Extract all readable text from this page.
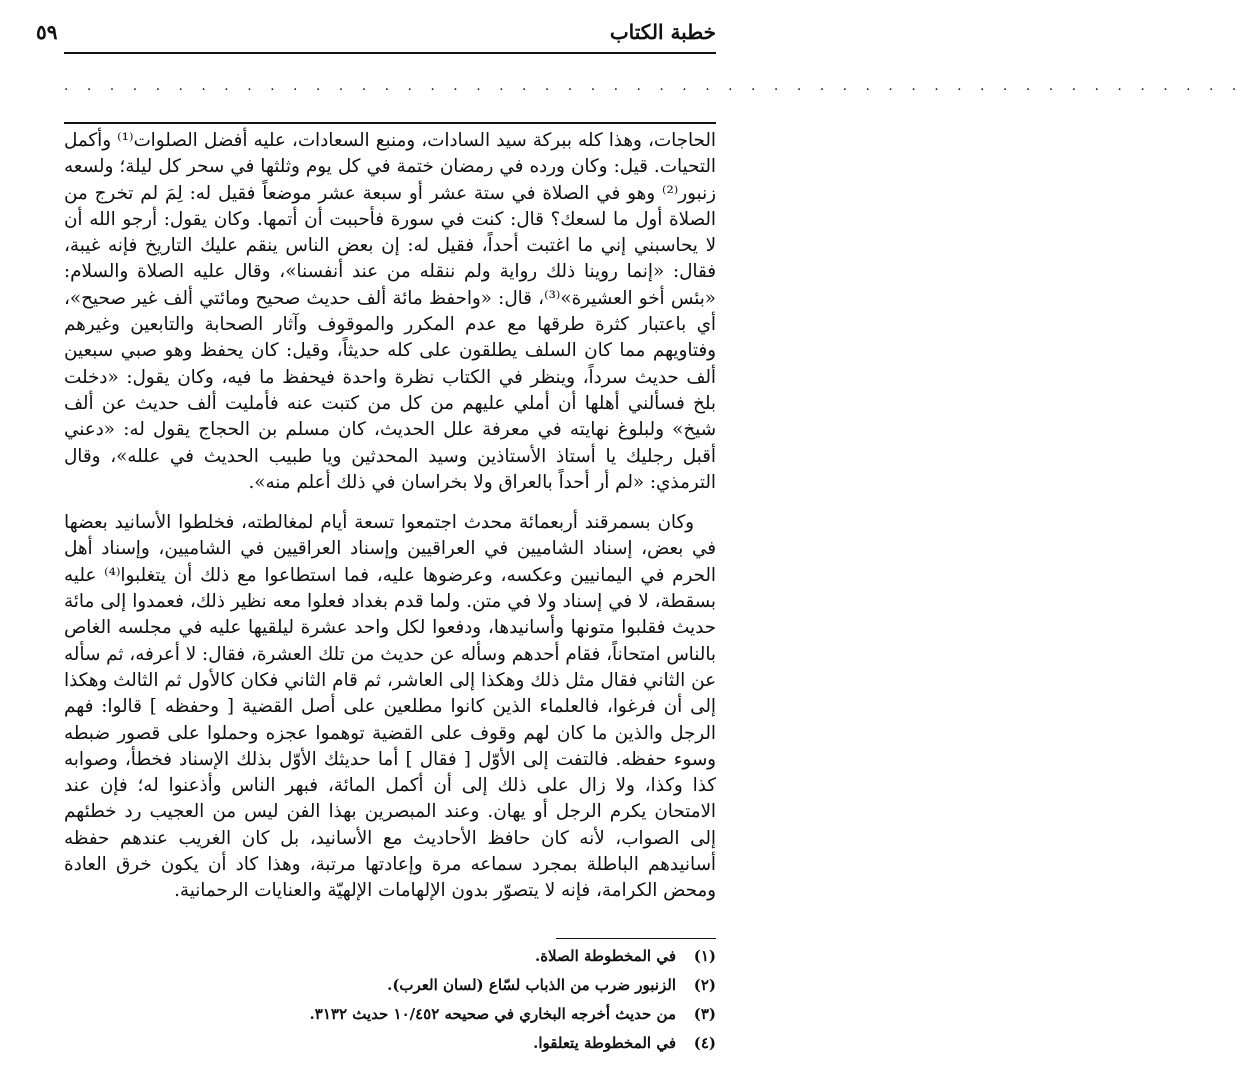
خطبة الكتاب
٥٩
. . . . . . . . . . . . . . . . . . . . . . . . . . . . . . . . . . . . . . . . . . . . . . . . . . . .

الحاجات، وهذا كله ببركة سيد السادات، ومنبع السعادات، عليه أفضل الصلوات⁽¹⁾ وأكمل التحيات. قيل: وكان ورده في رمضان ختمة في كل يوم وثلثها في سحر كل ليلة؛ ولسعه زنبور⁽²⁾ وهو في الصلاة في ستة عشر أو سبعة عشر موضعاً فقيل له: لِمَ لم تخرج من الصلاة أول ما لسعك؟ قال: كنت في سورة فأحببت أن أتمها. وكان يقول: أرجو الله أن لا يحاسبني إني ما اغتبت أحداً، فقيل له: إن بعض الناس ينقم عليك التاريخ فإنه غيبة، فقال: «إنما روينا ذلك رواية ولم ننقله من عند أنفسنا»، وقال عليه الصلاة والسلام: «بئس أخو العشيرة»⁽³⁾، قال: «واحفظ مائة ألف حديث صحيح ومائتي ألف غير صحيح»، أي باعتبار كثرة طرقها مع عدم المكرر والموقوف وآثار الصحابة والتابعين وغيرهم وفتاويهم مما كان السلف يطلقون على كله حديثاً، وقيل: كان يحفظ وهو صبي سبعين ألف حديث سرداً، وينظر في الكتاب نظرة واحدة فيحفظ ما فيه، وكان يقول: «دخلت بلخ فسألني أهلها أن أملي عليهم من كل من كتبت عنه فأمليت ألف حديث عن ألف شيخ» ولبلوغ نهايته في معرفة علل الحديث، كان مسلم بن الحجاج يقول له: «دعني أقبل رجليك يا أستاذ الأستاذين وسيد المحدثين ويا طبيب الحديث في علله»، وقال الترمذي: «لم أر أحداً بالعراق ولا بخراسان في ذلك أعلم منه».

وكان بسمرقند أربعمائة محدث اجتمعوا تسعة أيام لمغالطته، فخلطوا الأسانيد بعضها في بعض، إسناد الشاميين في العراقيين وإسناد العراقيين في الشاميين، وإسناد أهل الحرم في اليمانيين وعكسه، وعرضوها عليه، فما استطاعوا مع ذلك أن يتغلبوا⁽⁴⁾ عليه بسقطة، لا في إسناد ولا في متن. ولما قدم بغداد فعلوا معه نظير ذلك، فعمدوا إلى مائة حديث فقلبوا متونها وأسانيدها، ودفعوا لكل واحد عشرة ليلقيها عليه في مجلسه الغاص بالناس امتحاناً، فقام أحدهم وسأله عن حديث من تلك العشرة، فقال: لا أعرفه، ثم سأله عن الثاني فقال مثل ذلك وهكذا إلى العاشر، ثم قام الثاني فكان كالأول ثم الثالث وهكذا إلى أن فرغوا، فالعلماء الذين كانوا مطلعين على أصل القضية [ وحفظه ] قالوا: فهم الرجل والذين ما كان لهم وقوف على القضية توهموا عجزه وحملوا على قصور ضبطه وسوء حفظه. فالتفت إلى الأوّل [ فقال ] أما حديثك الأوّل بذلك الإسناد فخطأ، وصوابه كذا وكذا، ولا زال على ذلك إلى أن أكمل المائة، فبهر الناس وأذعنوا له؛ فإن عند الامتحان يكرم الرجل أو يهان. وعند المبصرين بهذا الفن ليس من العجيب رد خطئهم إلى الصواب، لأنه كان حافظ الأحاديث مع الأسانيد، بل كان الغريب عندهم حفظه أسانيدهم الباطلة بمجرد سماعه مرة وإعادتها مرتبة، وهذا كاد أن يكون خرق العادة ومحض الكرامة، فإنه لا يتصوّر بدون الإلهامات الإلهيّة والعنايات الرحمانية.

(١)
في المخطوطة الصلاة.
(٢)
الزنبور ضرب من الذباب لسّاع (لسان العرب).
(٣)
من حديث أخرجه البخاري في صحيحه ١٠/٤٥٢ حديث ٣١٣٢.
(٤)
في المخطوطة يتعلقوا.
